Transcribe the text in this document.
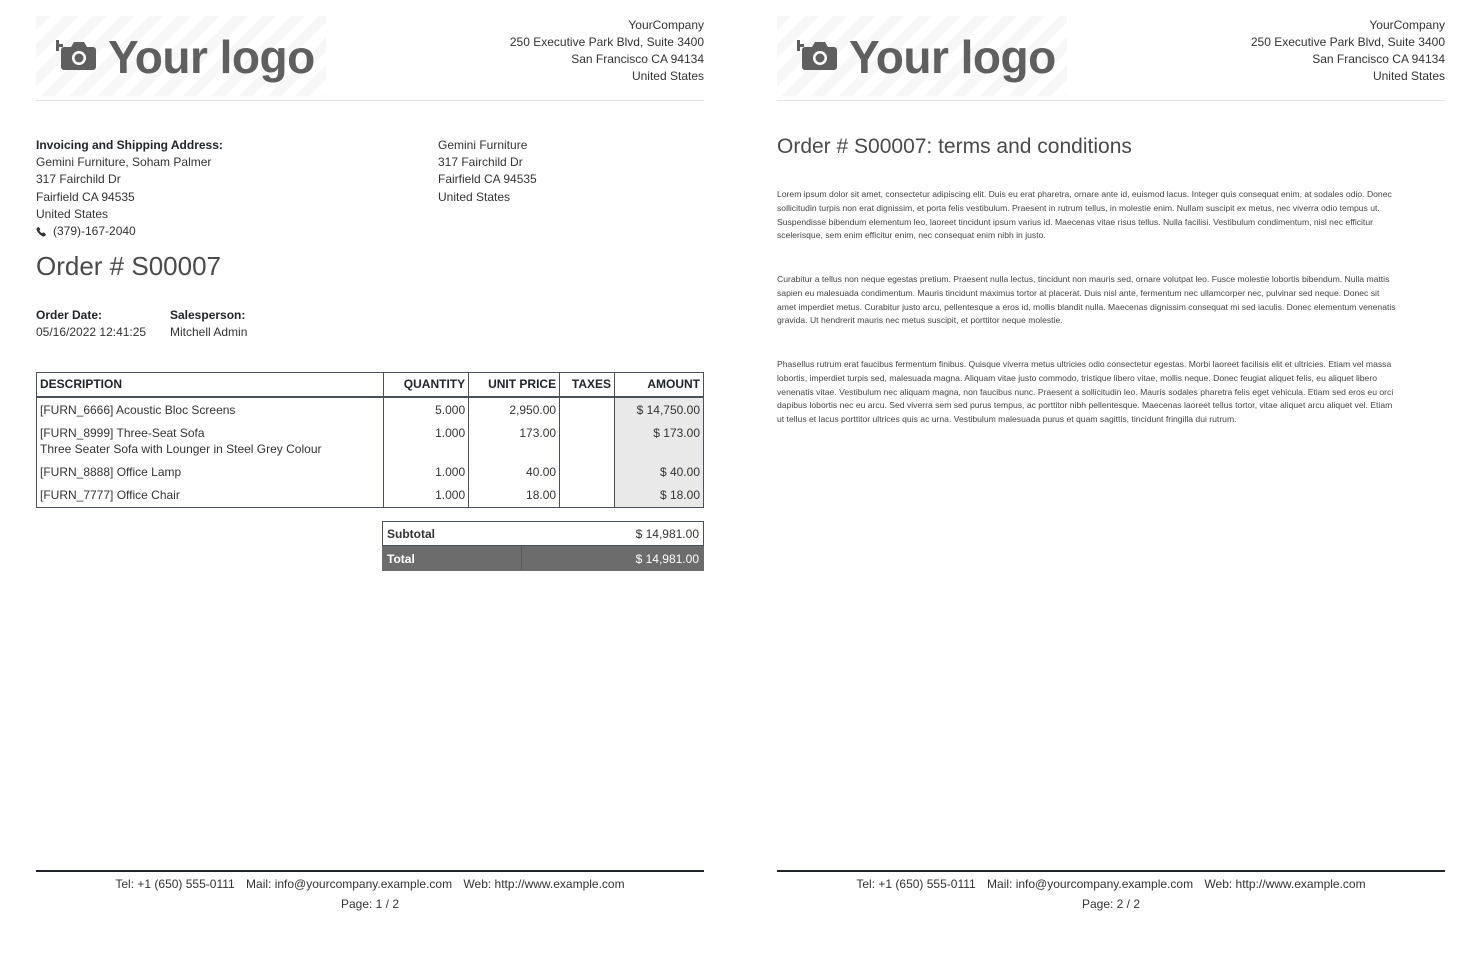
Your logo
YourCompany
250 Executive Park Blvd, Suite 3400
San Francisco CA 94134
United States
Invoicing and Shipping Address:
Gemini Furniture, Soham Palmer
317 Fairchild Dr
Fairfield CA 94535
United States
(379)-167-2040
Gemini Furniture
317 Fairchild Dr
Fairfield CA 94535
United States
Order # S00007
Order Date:
05/16/2022 12:41:25
Salesperson:
Mitchell Admin
DESCRIPTION	QUANTITY	UNIT PRICE	TAXES	AMOUNT
[FURN_6666] Acoustic Bloc Screens	5.000	2,950.00		$ 14,750.00

[FURN_8999] Three-Seat Sofa
Three Seater Sofa with Lounger in Steel Grey Colour	1.000	173.00		$ 173.00
[FURN_8888] Office Lamp	1.000	40.00		$ 40.00
[FURN_7777] Office Chair	1.000	18.00		$ 18.00
Subtotal	$ 14,981.00
Total	$ 14,981.00
Tel: +1 (650) 555-0111 Mail: info@yourcompany.example.com Web: http://www.example.com
Page: 1 / 2
Your logo
YourCompany
250 Executive Park Blvd, Suite 3400
San Francisco CA 94134
United States
Order # S00007: terms and conditions

Lorem ipsum dolor sit amet, consectetur adipiscing elit. Duis eu erat pharetra, ornare ante id, euismod lacus. Integer quis consequat enim, at sodales odio. Donec sollicitudin turpis non erat dignissim, et porta felis vestibulum. Praesent in rutrum tellus, in molestie enim. Nullam suscipit ex metus, nec viverra odio tempus ut. Suspendisse bibendum elementum leo, laoreet tincidunt ipsum varius id. Maecenas vitae risus tellus. Nulla facilisi. Vestibulum condimentum, nisl nec efficitur scelerisque, sem enim efficitur enim, nec consequat enim nibh in justo.

Curabitur a tellus non neque egestas pretium. Praesent nulla lectus, tincidunt non mauris sed, ornare volutpat leo. Fusce molestie lobortis bibendum. Nulla mattis sapien eu malesuada condimentum. Mauris tincidunt maximus tortor at placerat. Duis nisl ante, fermentum nec ullamcorper nec, pulvinar sed neque. Donec sit amet imperdiet metus. Curabitur justo arcu, pellentesque a eros id, mollis blandit nulla. Maecenas dignissim consequat mi sed iaculis. Donec elementum venenatis gravida. Ut hendrerit mauris nec metus suscipit, et porttitor neque molestie.

Phasellus rutrum erat faucibus fermentum finibus. Quisque viverra metus ultricies odio consectetur egestas. Morbi laoreet facilisis elit et ultricies. Etiam vel massa lobortis, imperdiet turpis sed, malesuada magna. Aliquam vitae justo commodo, tristique libero vitae, mollis neque. Donec feugiat aliquet felis, eu aliquet libero venenatis vitae. Vestibulum nec aliquam magna, non faucibus nunc. Praesent a sollicitudin leo. Mauris sodales pharetra felis eget vehicula. Etiam sed eros eu orci dapibus lobortis nec eu arcu. Sed viverra sem sed purus tempus, ac porttitor nibh pellentesque. Maecenas laoreet tellus tortor, vitae aliquet arcu aliquet vel. Etiam ut tellus et lacus porttitor ultrices quis ac urna. Vestibulum malesuada purus et quam sagittis, tincidunt fringilla dui rutrum.

Tel: +1 (650) 555-0111 Mail: info@yourcompany.example.com Web: http://www.example.com
Page: 2 / 2
